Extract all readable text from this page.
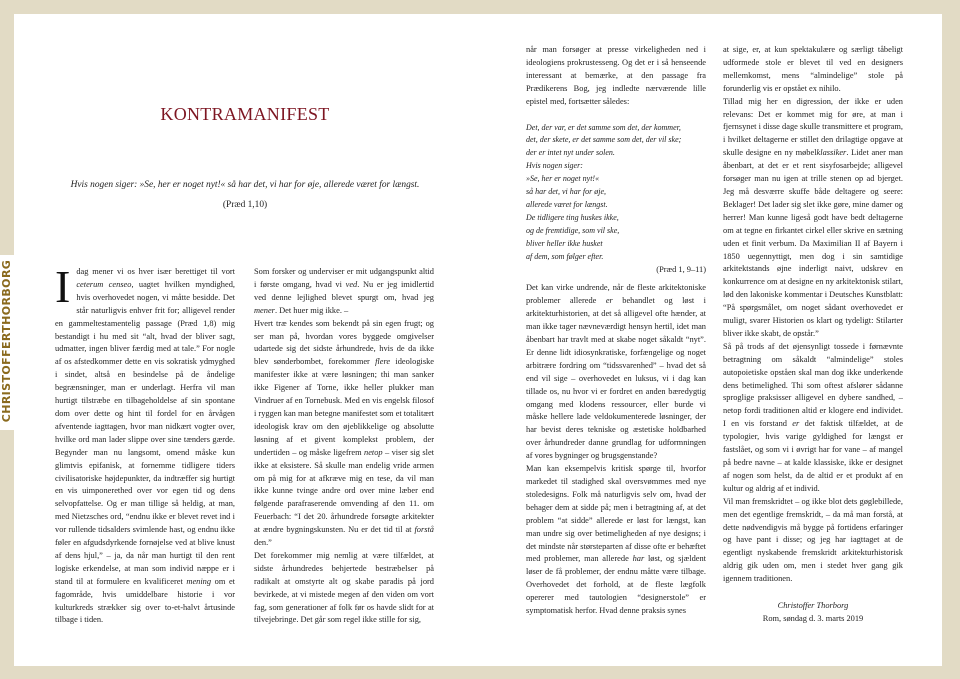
CHRISTOFFERTHORBORG
KONTRAMANIFEST
Hvis nogen siger: »Se, her er noget nyt!« så har det, vi har for øje, allerede været for længst.
(Præd 1,10)

I dag mener vi os hver især berettiget til vort ceterum censeo, uagtet hvilken myndighed, hvis overhovedet nogen, vi måtte besidde. Det står naturligvis enhver frit for; alligevel render en gammeltestamentelig passage (Præd 1,8) mig bestandigt i hu med sit “alt, hvad der bliver sagt, udmatter, ingen bliver færdig med at tale.” For nogle af os afstedkommer dette en vis sokratisk ydmyghed i sindet, altså en besindelse på de åndelige begrænsninger, man er underlagt. Herfra vil man hurtigt tilstræbe en tilbageholdelse af sin spontane dom over dette og hint til fordel for en årvågen afventende iagttagen, hvor man nidkært vogter over, hvilke ord man lader slippe over sine tænders gærde. Begynder man nu langsomt, omend måske kun glimtvis epifanisk, at fornemme tidligere tiders civilisatoriske højdepunkter, da indtræffer sig hurtigt en vis uimponerethed over vor egen tid og dens selvopfattelse. Og er man tillige så heldig, at man, med Nietzsches ord, “endnu ikke er blevet revet ind i vor rullende tidsalders svimlende hast, og endnu ikke føler en afgudsdyrkende fornøjelse ved at blive knust af dens hjul,” – ja, da når man hurtigt til den rent logiske erkendelse, at man som individ næppe er i stand til at formulere en kvalificeret mening om et fagområde, hvis umiddelbare historie i vor kulturkreds strækker sig over to-et-halvt årtusinde tilbage i tiden.

Som forsker og underviser er mit udgangspunkt altid i første omgang, hvad vi ved. Nu er jeg imidlertid ved denne lejlighed blevet spurgt om, hvad jeg mener. Det huer mig ikke. –

Hvert træ kendes som bekendt på sin egen frugt; og ser man på, hvordan vores byggede omgivelser udartede sig det sidste århundrede, hvis de da ikke blev sønderbombet, forekommer flere ideologiske manifester ikke at være løsningen; thi man sanker ikke Figener af Torne, ikke heller plukker man Vindruer af en Tornebusk. Med en vis engelsk filosof i ryggen kan man betegne manifestet som et totalitært ideologisk krav om den øjeblikkelige og absolutte løsning af et givent komplekst problem, der undertiden – og måske ligefrem netop – viser sig slet ikke at eksistere. Så skulle man endelig vride armen om på mig for at afkræve mig en tese, da vil man ikke kunne tvinge andre ord over mine læber end følgende parafraserende omvending af den 11. om Feuerbach: “I det 20. århundrede forsøgte arkitekter at ændre bygningskunsten. Nu er det tid til at forstå den.”

Det forekommer mig nemlig at være tilfældet, at sidste århundredes behjertede bestræbelser på radikalt at omstyrte alt og skabe paradis på jord bevirkede, at vi mistede megen af den viden om vort fag, som generationer af folk før os havde slidt for at tilvejebringe. Det går som regel ikke stille for sig,

når man forsøger at presse virkeligheden ned i ideologiens prokrustesseng. Og det er i så henseende interessant at bemærke, at den passage fra Prædikerens Bog, jeg indledte nærværende lille epistel med, fortsætter således:

Det, der var, er det samme som det, der kommer,
det, der skete, er det samme som det, der vil ske;
der er intet nyt under solen.
Hvis nogen siger:
»Se, her er noget nyt!«
så har det, vi har for øje,
allerede været for længst.
De tidligere ting huskes ikke,
og de fremtidige, som vil ske,
bliver heller ikke husket
af dem, som følger efter.

(Præd 1, 9–11)

Det kan virke undrende, når de fleste arkitektoniske problemer allerede er behandlet og løst i arkitekturhistorien, at det så alligevel ofte hænder, at man ikke tager nævneværdigt hensyn hertil, idet man åbenbart har travlt med at skabe noget såkaldt “nyt”. Er denne lidt idiosynkratiske, forfængelige og noget arbitrære fordring om “tidssvarenhed” – hvad det så end vil sige – overhovedet en luksus, vi i dag kan tillade os, nu hvor vi er fordret en anden bæredygtig omgang med klodens ressourcer, eller burde vi måske hellere lade veldokumenterede løsninger, der har bevist deres tekniske og æstetiske holdbarhed over århundreder danne grundlag for udformningen af vores bygninger og brugsgenstande?

Man kan eksempelvis kritisk spørge til, hvorfor markedet til stadighed skal oversvømmes med nye stoledesigns. Folk må naturligvis selv om, hvad der behager dem at sidde på; men i betragtning af, at det problem “at sidde” allerede er løst for længst, kan man undre sig over betimeligheden af nye designs; i det mindste når størsteparten af disse ofte er behæftet med problemer, man allerede har løst, og sjældent løser de få problemer, der endnu måtte være tilbage. Overhovedet det forhold, at de fleste lægfolk opererer med tautologien “designerstole” er symptomatisk herfor. Hvad denne praksis synes

at sige, er, at kun spektakulære og særligt tåbeligt udformede stole er blevet til ved en designers mellemkomst, mens “almindelige” stole på forunderlig vis er opstået ex nihilo.

Tillad mig her en digression, der ikke er uden relevans: Det er kommet mig for øre, at man i fjernsynet i disse dage skulle transmittere et program, i hvilket deltagerne er stillet den drilagtige opgave at skulle designe en ny møbelklassiker. Lidet aner man åbenbart, at det er et rent sisyfosarbejde; alligevel forsøger man nu igen at trille stenen op ad bjerget. Jeg må desværre skuffe både deltagere og seere: Beklager! Det lader sig slet ikke gøre, mine damer og herrer! Man kunne ligeså godt have bedt deltagerne om at tegne en firkantet cirkel eller skrive en sætning uden et finit verbum. Da Maximilian II af Bayern i 1850 uegennyttigt, men dog i sin samtidige arkitektstands øjne inderligt naivt, udskrev en konkurrence om at designe en ny arkitektonisk stilart, lød den lakoniske kommentar i Deutsches Kunstblatt: “På spørgsmålet, om noget sådant overhovedet er muligt, svarer Historien os klart og tydeligt: Stilarter bliver ikke skabt, de opstår.”

Så på trods af det øjensynligt tossede i førnævnte betragtning om såkaldt “almindelige” stoles autopoietiske opståen skal man dog ikke underkende dens betimelighed. Thi som oftest afslører sådanne sproglige praksisser alligevel en dybere sandhed, – netop fordi traditionen altid er klogere end individet. I en vis forstand er det faktisk tilfældet, at de typologier, hvis varige gyldighed for længst er fastslået, og som vi i øvrigt har for vane – af mangel på bedre navne – at kalde klassiske, ikke er designet af nogen som helst, da de altid er et produkt af en kultur og aldrig af et individ.

Vil man fremskridtet – og ikke blot dets gøglebillede, men det egentlige fremskridt, – da må man forstå, at dette nødvendigvis må bygge på fortidens erfaringer og have pant i disse; og jeg har iagttaget at de egentligt nyskabende fremskridt arkitekturhistorisk aldrig gik uden om, men i stedet hver gang gik igennem traditionen.

Christoffer Thorborg

Rom, søndag d. 3. marts 2019
